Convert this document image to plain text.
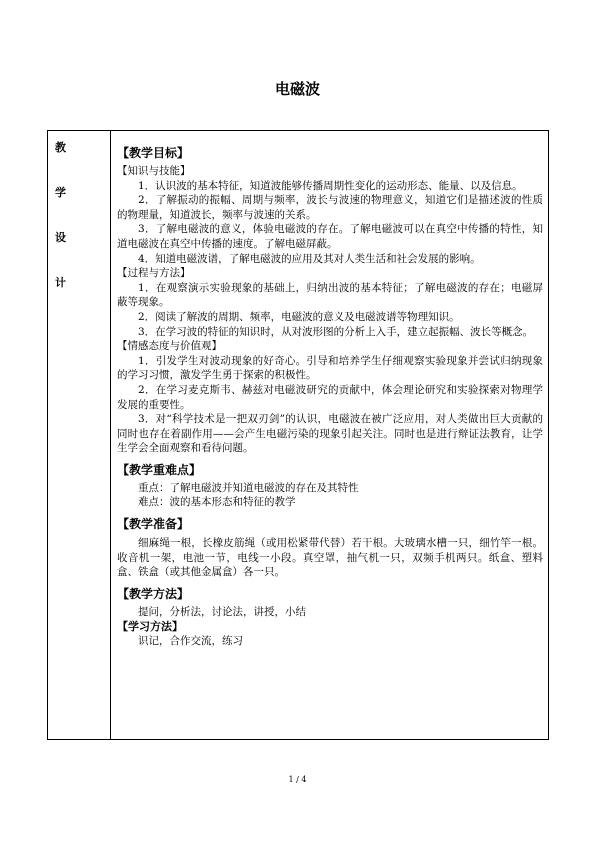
电磁波
教
学
设
计
【教学目标】
【知识与技能】
1．认识波的基本特征，知道波能够传播周期性变化的运动形态、能量、以及信息。
2．了解振动的振幅、周期与频率，波长与波速的物理意义，知道它们是描述波的性质的物理量，知道波长，频率与波速的关系。
3．了解电磁波的意义，体验电磁波的存在。了解电磁波可以在真空中传播的特性，知道电磁波在真空中传播的速度。了解电磁屏蔽。
4．知道电磁波谱，了解电磁波的应用及其对人类生活和社会发展的影响。
【过程与方法】
1．在观察演示实验现象的基础上，归纳出波的基本特征；了解电磁波的存在；电磁屏蔽等现象。
2．阅读了解波的周期、频率，电磁波的意义及电磁波谱等物理知识。
3．在学习波的特征的知识时，从对波形图的分析上入手，建立起振幅、波长等概念。
【情感态度与价值观】
1．引发学生对波动现象的好奇心。引导和培养学生仔细观察实验现象并尝试归纳现象的学习习惯，激发学生勇于探索的积极性。
2．在学习麦克斯韦、赫兹对电磁波研究的贡献中，体会理论研究和实验探索对物理学发展的重要性。
3．对“科学技术是一把双刃剑”的认识，电磁波在被广泛应用，对人类做出巨大贡献的同时也存在着副作用——会产生电磁污染的现象引起关注。同时也是进行辩证法教育，让学生学会全面观察和看待问题。
【教学重难点】
重点：了解电磁波并知道电磁波的存在及其特性
难点：波的基本形态和特征的教学
【教学准备】
细麻绳一根，长橡皮筋绳（或用松紧带代替）若干根。大玻璃水槽一只，细竹竿一根。收音机一架，电池一节，电线一小段。真空罩，抽气机一只，双频手机两只。纸盒、塑料盒、铁盒（或其他金属盒）各一只。
【教学方法】
提问，分析法，讨论法，讲授，小结
【学习方法】
识记，合作交流，练习
1 / 4
